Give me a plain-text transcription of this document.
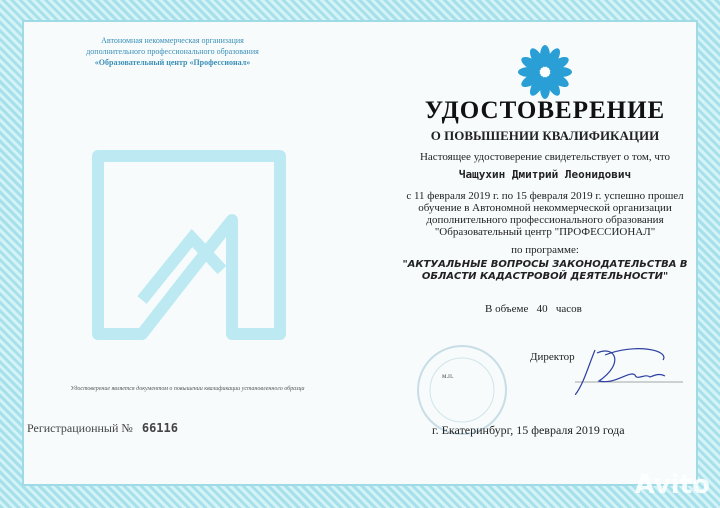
Автономная некоммерческая организация
дополнительного профессионального образования
«Образовательный центр «Профессионал»
УДОСТОВЕРЕНИЕ
О ПОВЫШЕНИИ КВАЛИФИКАЦИИ
Настоящее удостоверение свидетельствует о том, что
Чащухин Дмитрий Леонидович
с 11 февраля 2019 г. по 15 февраля 2019 г. успешно прошел
обучение в Автономной некоммерческой организации
дополнительного профессионального образования
"Образовательный центр "ПРОФЕССИОНАЛ"
по программе:
"АКТУАЛЬНЫЕ ВОПРОСЫ ЗАКОНОДАТЕЛЬСТВА В
ОБЛАСТИ КАДАСТРОВОЙ ДЕЯТЕЛЬНОСТИ"
В объеме 40 часов
м.п.
Директор
Удостоверение является документом о повышении квалификации установленного образца
Регистрационный № 66116	г. Екатеринбург, 15 февраля 2019 года
Avito
